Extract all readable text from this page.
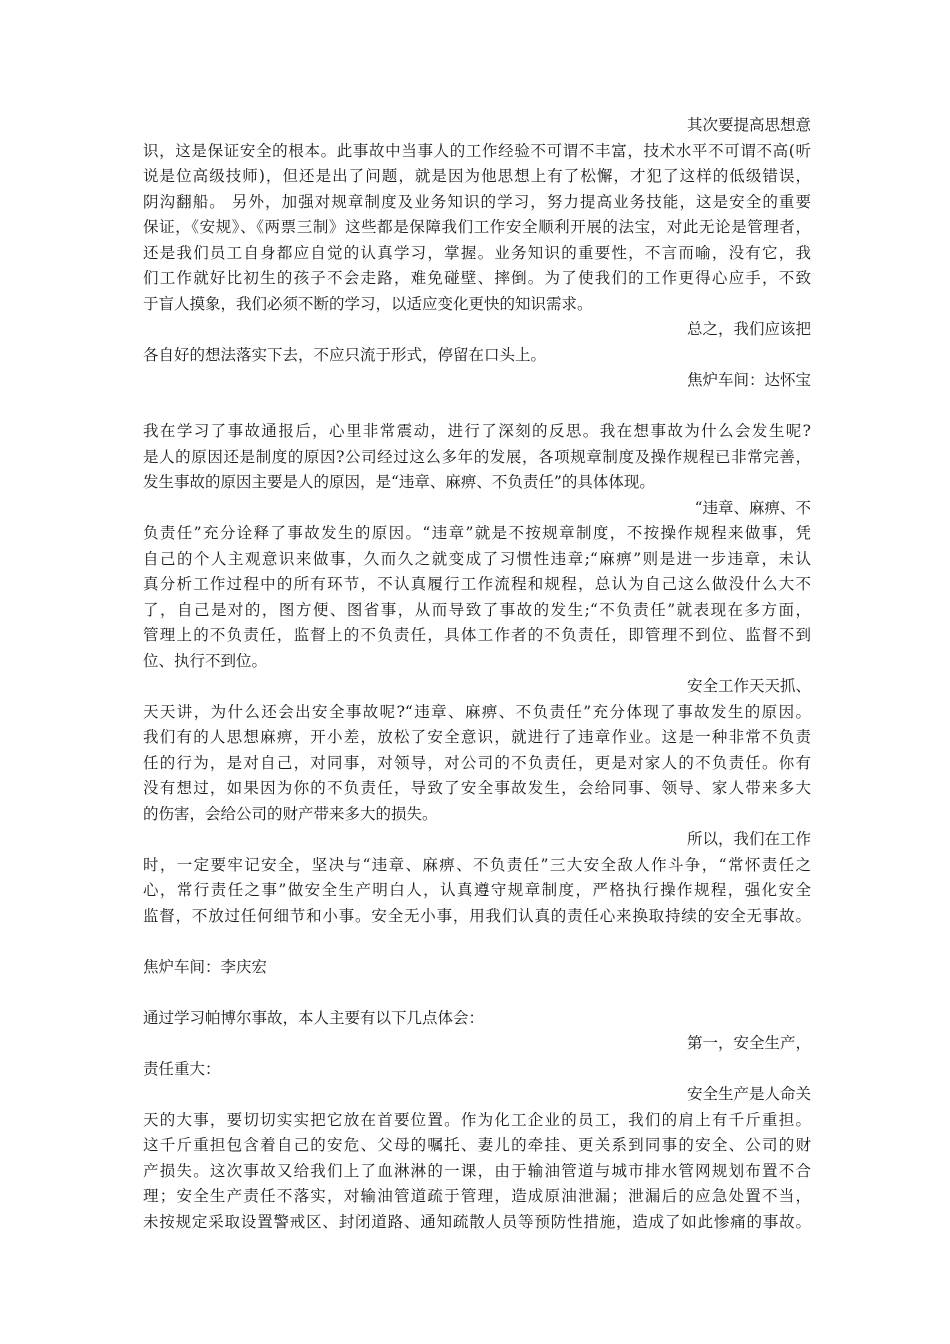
其次要提高思想意
识，这是保证安全的根本。此事故中当事人的工作经验不可谓不丰富，技术水平不可谓不高(听
说是位高级技师)，但还是出了问题，就是因为他思想上有了松懈，才犯了这样的低级错误，
阴沟翻船。 另外，加强对规章制度及业务知识的学习，努力提高业务技能，这是安全的重要
保证，《安规》、《两票三制》这些都是保障我们工作安全顺利开展的法宝，对此无论是管理者，
还是我们员工自身都应自觉的认真学习，掌握。业务知识的重要性，不言而喻，没有它，我
们工作就好比初生的孩子不会走路，难免碰壁、摔倒。为了使我们的工作更得心应手，不致
于盲人摸象，我们必须不断的学习，以适应变化更快的知识需求。
总之，我们应该把
各自好的想法落实下去，不应只流于形式，停留在口头上。
焦炉车间：达怀宝
我在学习了事故通报后，心里非常震动，进行了深刻的反思。我在想事故为什么会发生呢?
是人的原因还是制度的原因?公司经过这么多年的发展，各项规章制度及操作规程已非常完善，
发生事故的原因主要是人的原因，是“违章、麻痹、不负责任”的具体体现。
“违章、麻痹、不
负责任”充分诠释了事故发生的原因。“违章”就是不按规章制度，不按操作规程来做事，凭
自己的个人主观意识来做事，久而久之就变成了习惯性违章;“麻痹”则是进一步违章，未认
真分析工作过程中的所有环节，不认真履行工作流程和规程，总认为自己这么做没什么大不
了，自己是对的，图方便、图省事，从而导致了事故的发生;“不负责任”就表现在多方面，
管理上的不负责任，监督上的不负责任，具体工作者的不负责任，即管理不到位、监督不到
位、执行不到位。
安全工作天天抓、
天天讲，为什么还会出安全事故呢?“违章、麻痹、不负责任”充分体现了事故发生的原因。
我们有的人思想麻痹，开小差，放松了安全意识，就进行了违章作业。这是一种非常不负责
任的行为，是对自己，对同事，对领导，对公司的不负责任，更是对家人的不负责任。你有
没有想过，如果因为你的不负责任，导致了安全事故发生，会给同事、领导、家人带来多大
的伤害，会给公司的财产带来多大的损失。
所以，我们在工作
时，一定要牢记安全，坚决与“违章、麻痹、不负责任”三大安全敌人作斗争，“常怀责任之
心，常行责任之事”做安全生产明白人，认真遵守规章制度，严格执行操作规程，强化安全
监督，不放过任何细节和小事。安全无小事，用我们认真的责任心来换取持续的安全无事故。
焦炉车间：李庆宏
通过学习帕博尔事故，本人主要有以下几点体会：
第一，安全生产，
责任重大：
安全生产是人命关
天的大事，要切切实实把它放在首要位置。作为化工企业的员工，我们的肩上有千斤重担。
这千斤重担包含着自己的安危、父母的嘱托、妻儿的牵挂、更关系到同事的安全、公司的财
产损失。这次事故又给我们上了血淋淋的一课，由于输油管道与城市排水管网规划布置不合
理；安全生产责任不落实，对输油管道疏于管理，造成原油泄漏；泄漏后的应急处置不当，
未按规定采取设置警戒区、封闭道路、通知疏散人员等预防性措施，造成了如此惨痛的事故。
